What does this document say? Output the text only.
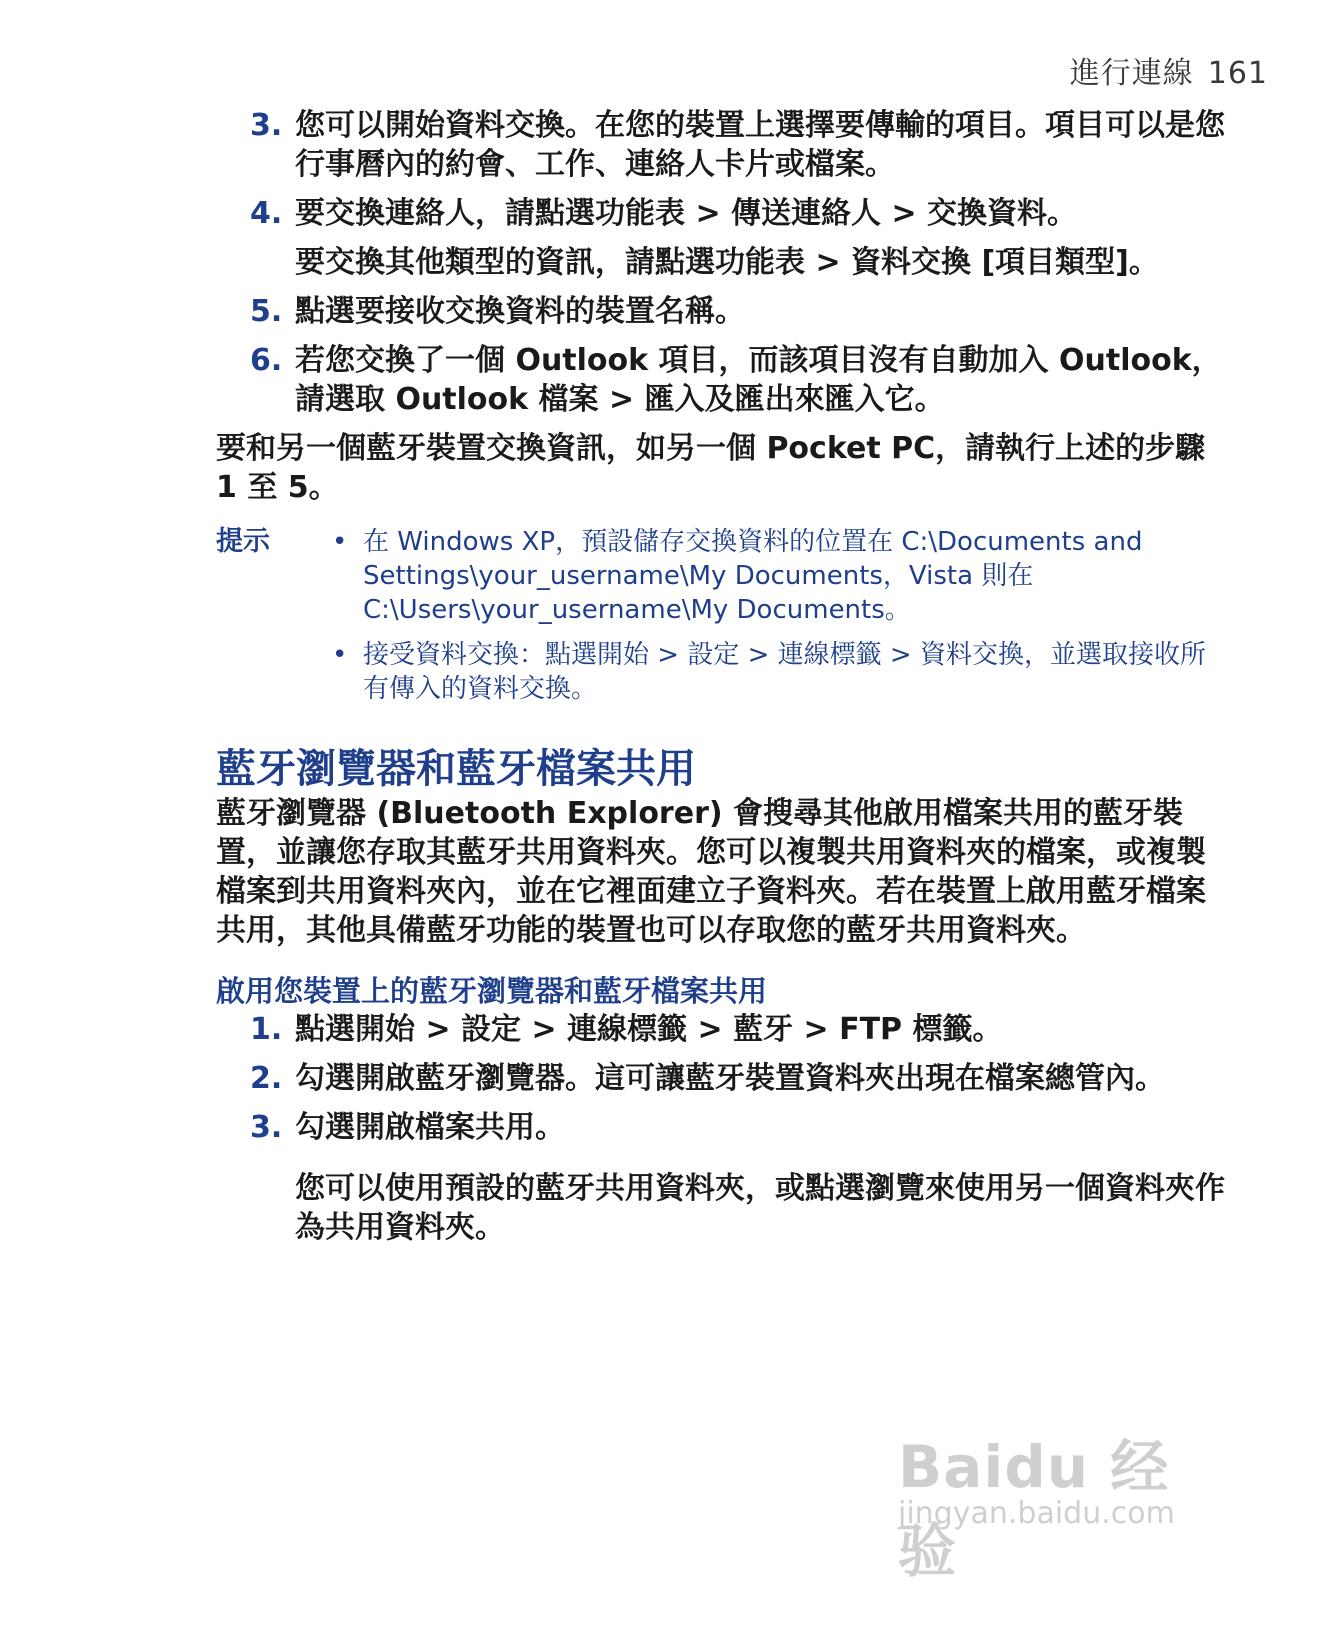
進行連線 161
3. 您可以開始資料交換。在您的裝置上選擇要傳輸的項目。項目可以是您行事曆內的約會、工作、連絡人卡片或檔案。
4. 要交換連絡人，請點選功能表 > 傳送連絡人 > 交換資料。
要交換其他類型的資訊，請點選功能表 > 資料交換 [項目類型]。
5. 點選要接收交換資料的裝置名稱。
6. 若您交換了一個 Outlook 項目，而該項目沒有自動加入 Outlook，請選取 Outlook 檔案 > 匯入及匯出來匯入它。
要和另一個藍牙裝置交換資訊，如另一個 Pocket PC，請執行上述的步驟 1 至 5。
提示 • 在 Windows XP，預設儲存交換資料的位置在 C:\Documents and Settings\your_username\My Documents，Vista 則在 C:\Users\your_username\My Documents。
• 接受資料交換：點選開始 > 設定 > 連線標籤 > 資料交換，並選取接收所有傳入的資料交換。
藍牙瀏覽器和藍牙檔案共用
藍牙瀏覽器 (Bluetooth Explorer) 會搜尋其他啟用檔案共用的藍牙裝置，並讓您存取其藍牙共用資料夾。您可以複製共用資料夾的檔案，或複製檔案到共用資料夾內，並在它裡面建立子資料夾。若在裝置上啟用藍牙檔案共用，其他具備藍牙功能的裝置也可以存取您的藍牙共用資料夾。
啟用您裝置上的藍牙瀏覽器和藍牙檔案共用
1. 點選開始 > 設定 > 連線標籤 > 藍牙 > FTP 標籤。
2. 勾選開啟藍牙瀏覽器。這可讓藍牙裝置資料夾出現在檔案總管內。
3. 勾選開啟檔案共用。
您可以使用預設的藍牙共用資料夾，或點選瀏覽來使用另一個資料夾作為共用資料夾。
Baidu 经验
jingyan.baidu.com
